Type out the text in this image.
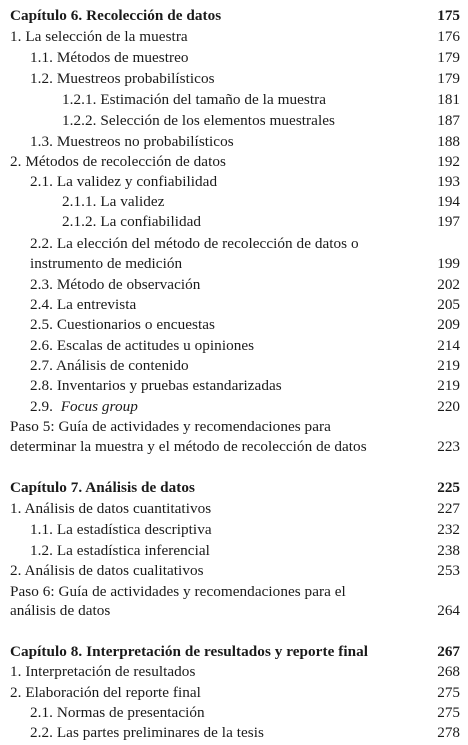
Capítulo 6. Recolección de datos	175
1. La selección de la muestra	176
1.1. Métodos de muestreo	179
1.2. Muestreos probabilísticos	179
1.2.1. Estimación del tamaño de la muestra	181
1.2.2. Selección de los elementos muestrales	187
1.3. Muestreos no probabilísticos	188
2. Métodos de recolección de datos	192
2.1. La validez y confiabilidad	193
2.1.1. La validez	194
2.1.2. La confiabilidad	197
2.2. La elección del método de recolección de datos o
instrumento de medición	199
2.3. Método de observación	202
2.4. La entrevista	205
2.5. Cuestionarios o encuestas	209
2.6. Escalas de actitudes u opiniones	214
2.7. Análisis de contenido	219
2.8. Inventarios y pruebas estandarizadas	219
2.9.  Focus group	220
Paso 5: Guía de actividades y recomendaciones para
determinar la muestra y el método de recolección de datos	223
Capítulo 7. Análisis de datos	225
1. Análisis de datos cuantitativos	227
1.1. La estadística descriptiva	232
1.2. La estadística inferencial	238
2. Análisis de datos cualitativos	253
Paso 6: Guía de actividades y recomendaciones para el
análisis de datos	264
Capítulo 8. Interpretación de resultados y reporte final	267
1. Interpretación de resultados	268
2. Elaboración del reporte final	275
2.1. Normas de presentación	275
2.2. Las partes preliminares de la tesis	278
